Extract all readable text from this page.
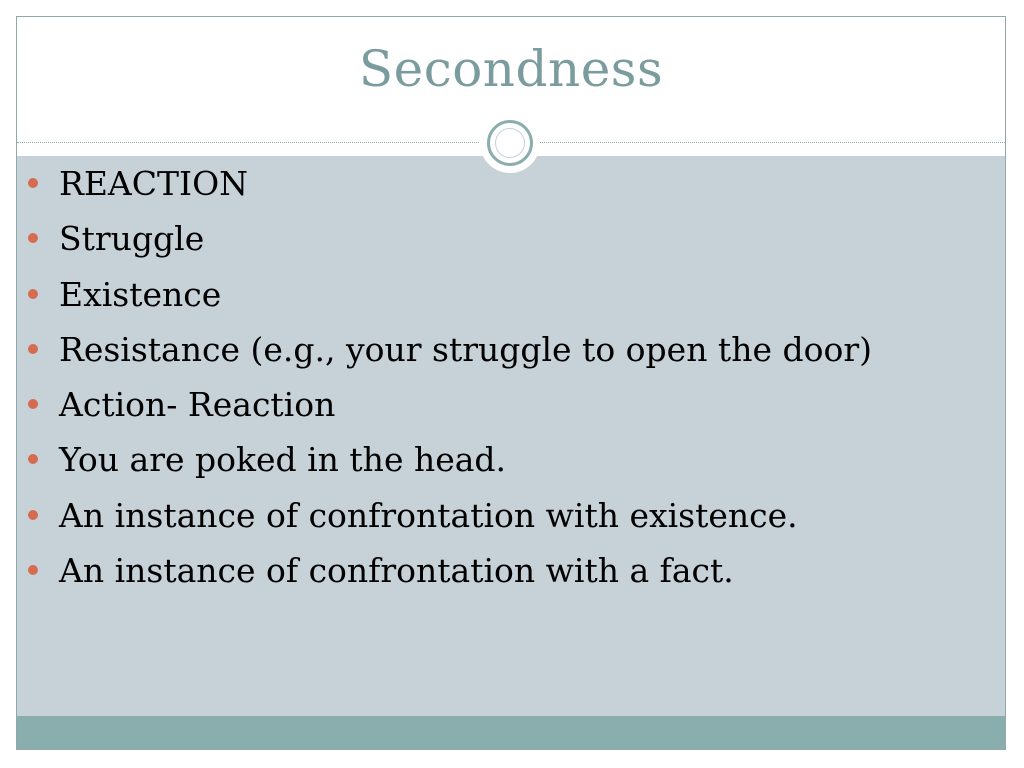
Secondness
REACTION
Struggle
Existence
Resistance (e.g., your struggle to open the door)
Action- Reaction
You are poked in the head.
An instance of confrontation with existence.
An instance of confrontation with a fact.
